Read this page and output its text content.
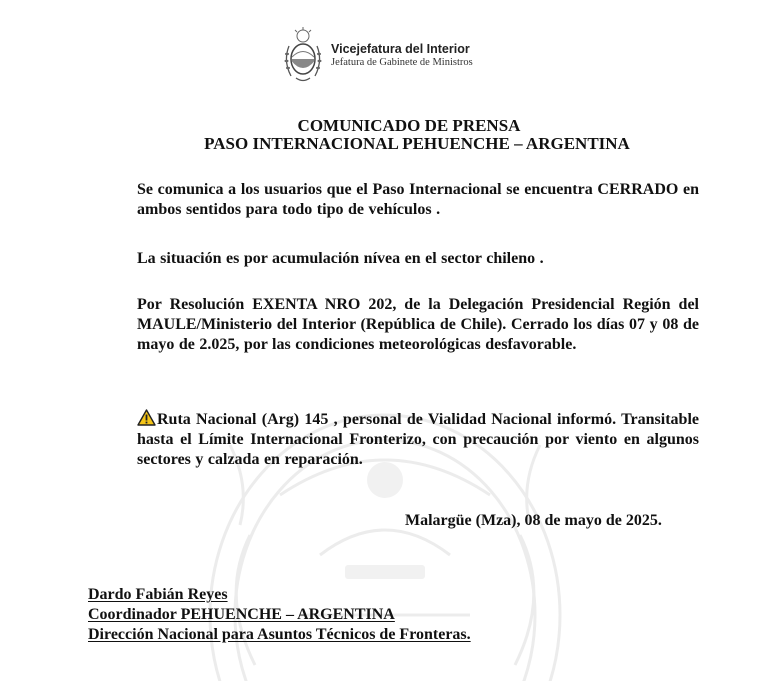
Vicejefatura del Interior
Jefatura de Gabinete de Ministros
COMUNICADO DE PRENSA
PASO INTERNACIONAL PEHUENCHE – ARGENTINA
Se comunica a los usuarios que el Paso Internacional se encuentra CERRADO en ambos sentidos para todo tipo de vehículos .
La situación es por acumulación nívea en el sector chileno .
Por Resolución EXENTA NRO 202, de la Delegación Presidencial Región del MAULE/Ministerio del Interior (República de Chile). Cerrado los días 07 y 08 de mayo de 2.025, por las condiciones meteorológicas desfavorable.
Ruta Nacional (Arg) 145 , personal de Vialidad Nacional informó. Transitable hasta el Límite Internacional Fronterizo, con precaución por viento en algunos sectores y calzada en reparación.
Malargüe (Mza), 08 de mayo de 2025.
Dardo Fabián Reyes
Coordinador PEHUENCHE – ARGENTINA
Dirección Nacional para Asuntos Técnicos de Fronteras.
